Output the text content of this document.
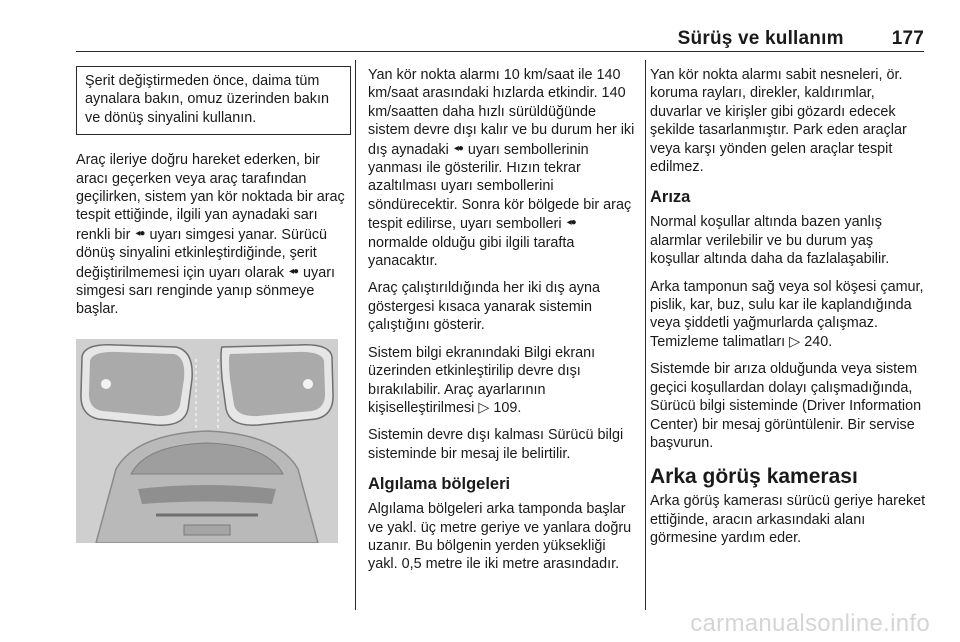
Sürüş ve kullanım	177
Şerit değiştirmeden önce, daima tüm aynalara bakın, omuz üzerinden bakın ve dönüş sinyalini kullanın.

Araç ileriye doğru hareket ederken, bir aracı geçerken veya araç tarafından geçilirken, sistem yan kör noktada bir araç tespit ettiğinde, ilgili yan aynadaki sarı renkli bir ◂● uyarı simgesi yanar. Sürücü dönüş sinyalini etkinleştirdiğinde, şerit değiştirilmemesi için uyarı olarak ◂● uyarı simgesi sarı renginde yanıp sönmeye başlar.

Yan kör nokta alarmı 10 km/saat ile 140 km/saat arasındaki hızlarda etkindir. 140 km/saatten daha hızlı sürüldüğünde sistem devre dışı kalır ve bu durum her iki dış aynadaki ◂● uyarı sembollerinin yanması ile gösterilir. Hızın tekrar azaltılması uyarı sembollerini söndürecektir. Sonra kör bölgede bir araç tespit edilirse, uyarı sembolleri ◂● normalde olduğu gibi ilgili tarafta yanacaktır.

Araç çalıştırıldığında her iki dış ayna göstergesi kısaca yanarak sistemin çalıştığını gösterir.

Sistem bilgi ekranındaki Bilgi ekranı üzerinden etkinleştirilip devre dışı bırakılabilir. Araç ayarlarının kişiselleştirilmesi ▷ 109.

Sistemin devre dışı kalması Sürücü bilgi sisteminde bir mesaj ile belirtilir.

Algılama bölgeleri

Algılama bölgeleri arka tamponda başlar ve yakl. üç metre geriye ve yanlara doğru uzanır. Bu bölgenin yerden yüksekliği yakl. 0,5 metre ile iki metre arasındadır.

Yan kör nokta alarmı sabit nesneleri, ör. koruma rayları, direkler, kaldırımlar, duvarlar ve kirişler gibi gözardı edecek şekilde tasarlanmıştır. Park eden araçlar veya karşı yönden gelen araçlar tespit edilmez.

Arıza

Normal koşullar altında bazen yanlış alarmlar verilebilir ve bu durum yaş koşullar altında daha da fazlalaşabilir.

Arka tamponun sağ veya sol köşesi çamur, pislik, kar, buz, sulu kar ile kaplandığında veya şiddetli yağmurlarda çalışmaz. Temizleme talimatları ▷ 240.

Sistemde bir arıza olduğunda veya sistem geçici koşullardan dolayı çalışmadığında, Sürücü bilgi sisteminde (Driver Information Center) bir mesaj görüntülenir. Bir servise başvurun.

Arka görüş kamerası

Arka görüş kamerası sürücü geriye hareket ettiğinde, aracın arkasındaki alanı görmesine yardım eder.

carmanualsonline.info
